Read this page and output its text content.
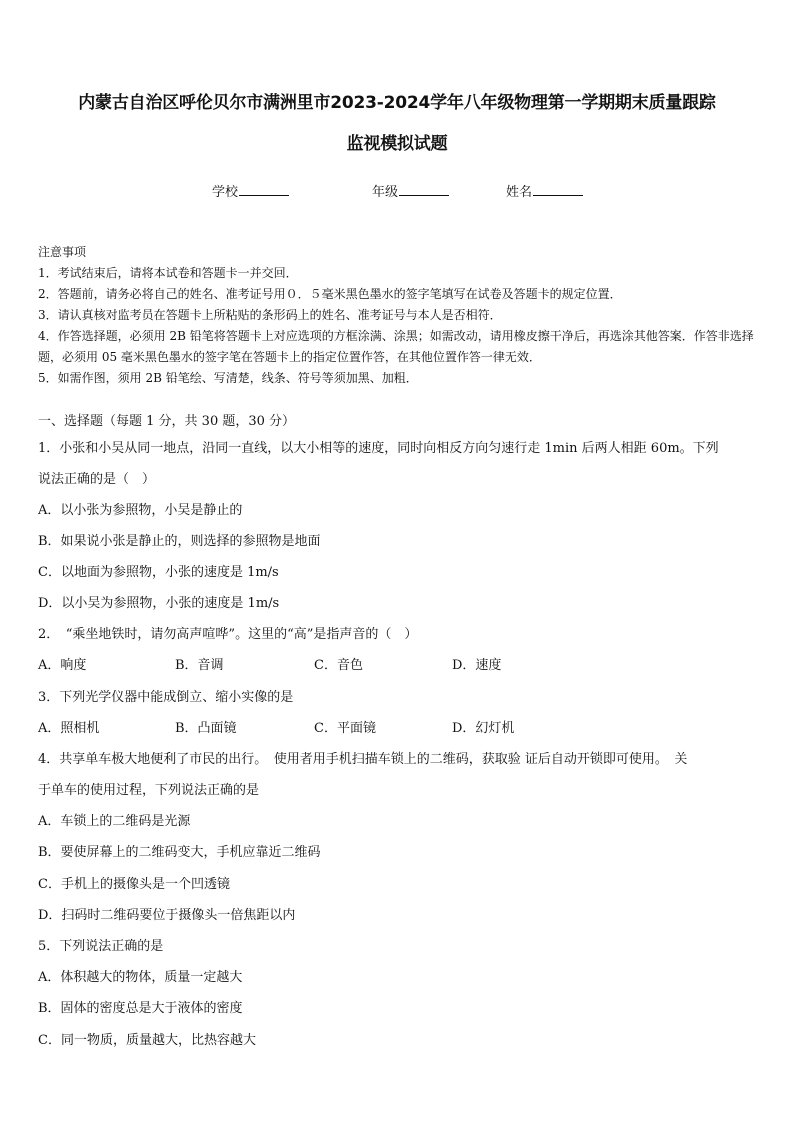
内蒙古自治区呼伦贝尔市满洲里市2023-2024学年八年级物理第一学期期末质量跟踪
监视模拟试题
学校	年级	姓名

注意事项

1．考试结束后，请将本试卷和答题卡一并交回．

2．答题前，请务必将自己的姓名、准考证号用０．５毫米黑色墨水的签字笔填写在试卷及答题卡的规定位置．

3．请认真核对监考员在答题卡上所粘贴的条形码上的姓名、准考证号与本人是否相符．

4．作答选择题，必须用 2B 铅笔将答题卡上对应选项的方框涂满、涂黑；如需改动，请用橡皮擦干净后，再选涂其他答案．作答非选择题，必须用 05 毫米黑色墨水的签字笔在答题卡上的指定位置作答，在其他位置作答一律无效．

5．如需作图，须用 2B 铅笔绘、写清楚，线条、符号等须加黑、加粗．

一、选择题（每题 1 分，共 30 题，30 分）
1．小张和小吴从同一地点，沿同一直线，以大小相等的速度，同时向相反方向匀速行走 1min 后两人相距 60m。下列
说法正确的是（　）
A．以小张为参照物，小吴是静止的
B．如果说小张是静止的，则选择的参照物是地面
C．以地面为参照物，小张的速度是 1m/s
D．以小吴为参照物，小张的速度是 1m/s
2．　“乘坐地铁时，请勿高声喧哗”。这里的“高”是指声音的（　）
A．响度	B．音调	C．音色	D．速度
3．下列光学仪器中能成倒立、缩小实像的是
A．照相机	B．凸面镜	C．平面镜	D．幻灯机
4．共享单车极大地便利了市民的出行。　使用者用手机扫描车锁上的二维码，获取验 证后自动开锁即可使用。　关
于单车的使用过程，下列说法正确的是
A．车锁上的二维码是光源
B．要使屏幕上的二维码变大，手机应靠近二维码
C．手机上的摄像头是一个凹透镜
D．扫码时二维码要位于摄像头一倍焦距以内
5．下列说法正确的是
A．体积越大的物体，质量一定越大
B．固体的密度总是大于液体的密度
C．同一物质，质量越大，比热容越大
